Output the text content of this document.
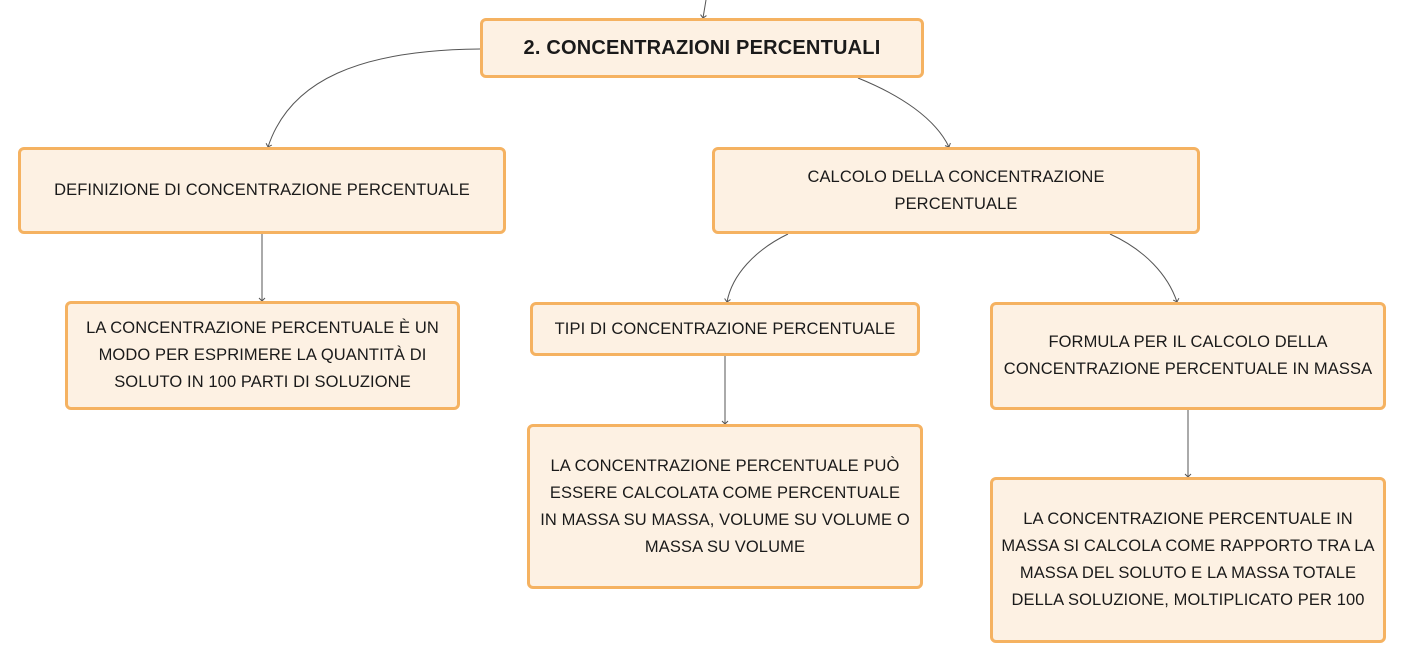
2. CONCENTRAZIONI PERCENTUALI
DEFINIZIONE DI CONCENTRAZIONE PERCENTUALE
CALCOLO DELLA CONCENTRAZIONE PERCENTUALE
LA CONCENTRAZIONE PERCENTUALE È UN MODO PER ESPRIMERE LA QUANTITÀ DI SOLUTO IN 100 PARTI DI SOLUZIONE
TIPI DI CONCENTRAZIONE PERCENTUALE
FORMULA PER IL CALCOLO DELLA CONCENTRAZIONE PERCENTUALE IN MASSA
LA CONCENTRAZIONE PERCENTUALE PUÒ ESSERE CALCOLATA COME PERCENTUALE IN MASSA SU MASSA, VOLUME SU VOLUME O MASSA SU VOLUME
LA CONCENTRAZIONE PERCENTUALE IN MASSA SI CALCOLA COME RAPPORTO TRA LA MASSA DEL SOLUTO E LA MASSA TOTALE DELLA SOLUZIONE, MOLTIPLICATO PER 100
